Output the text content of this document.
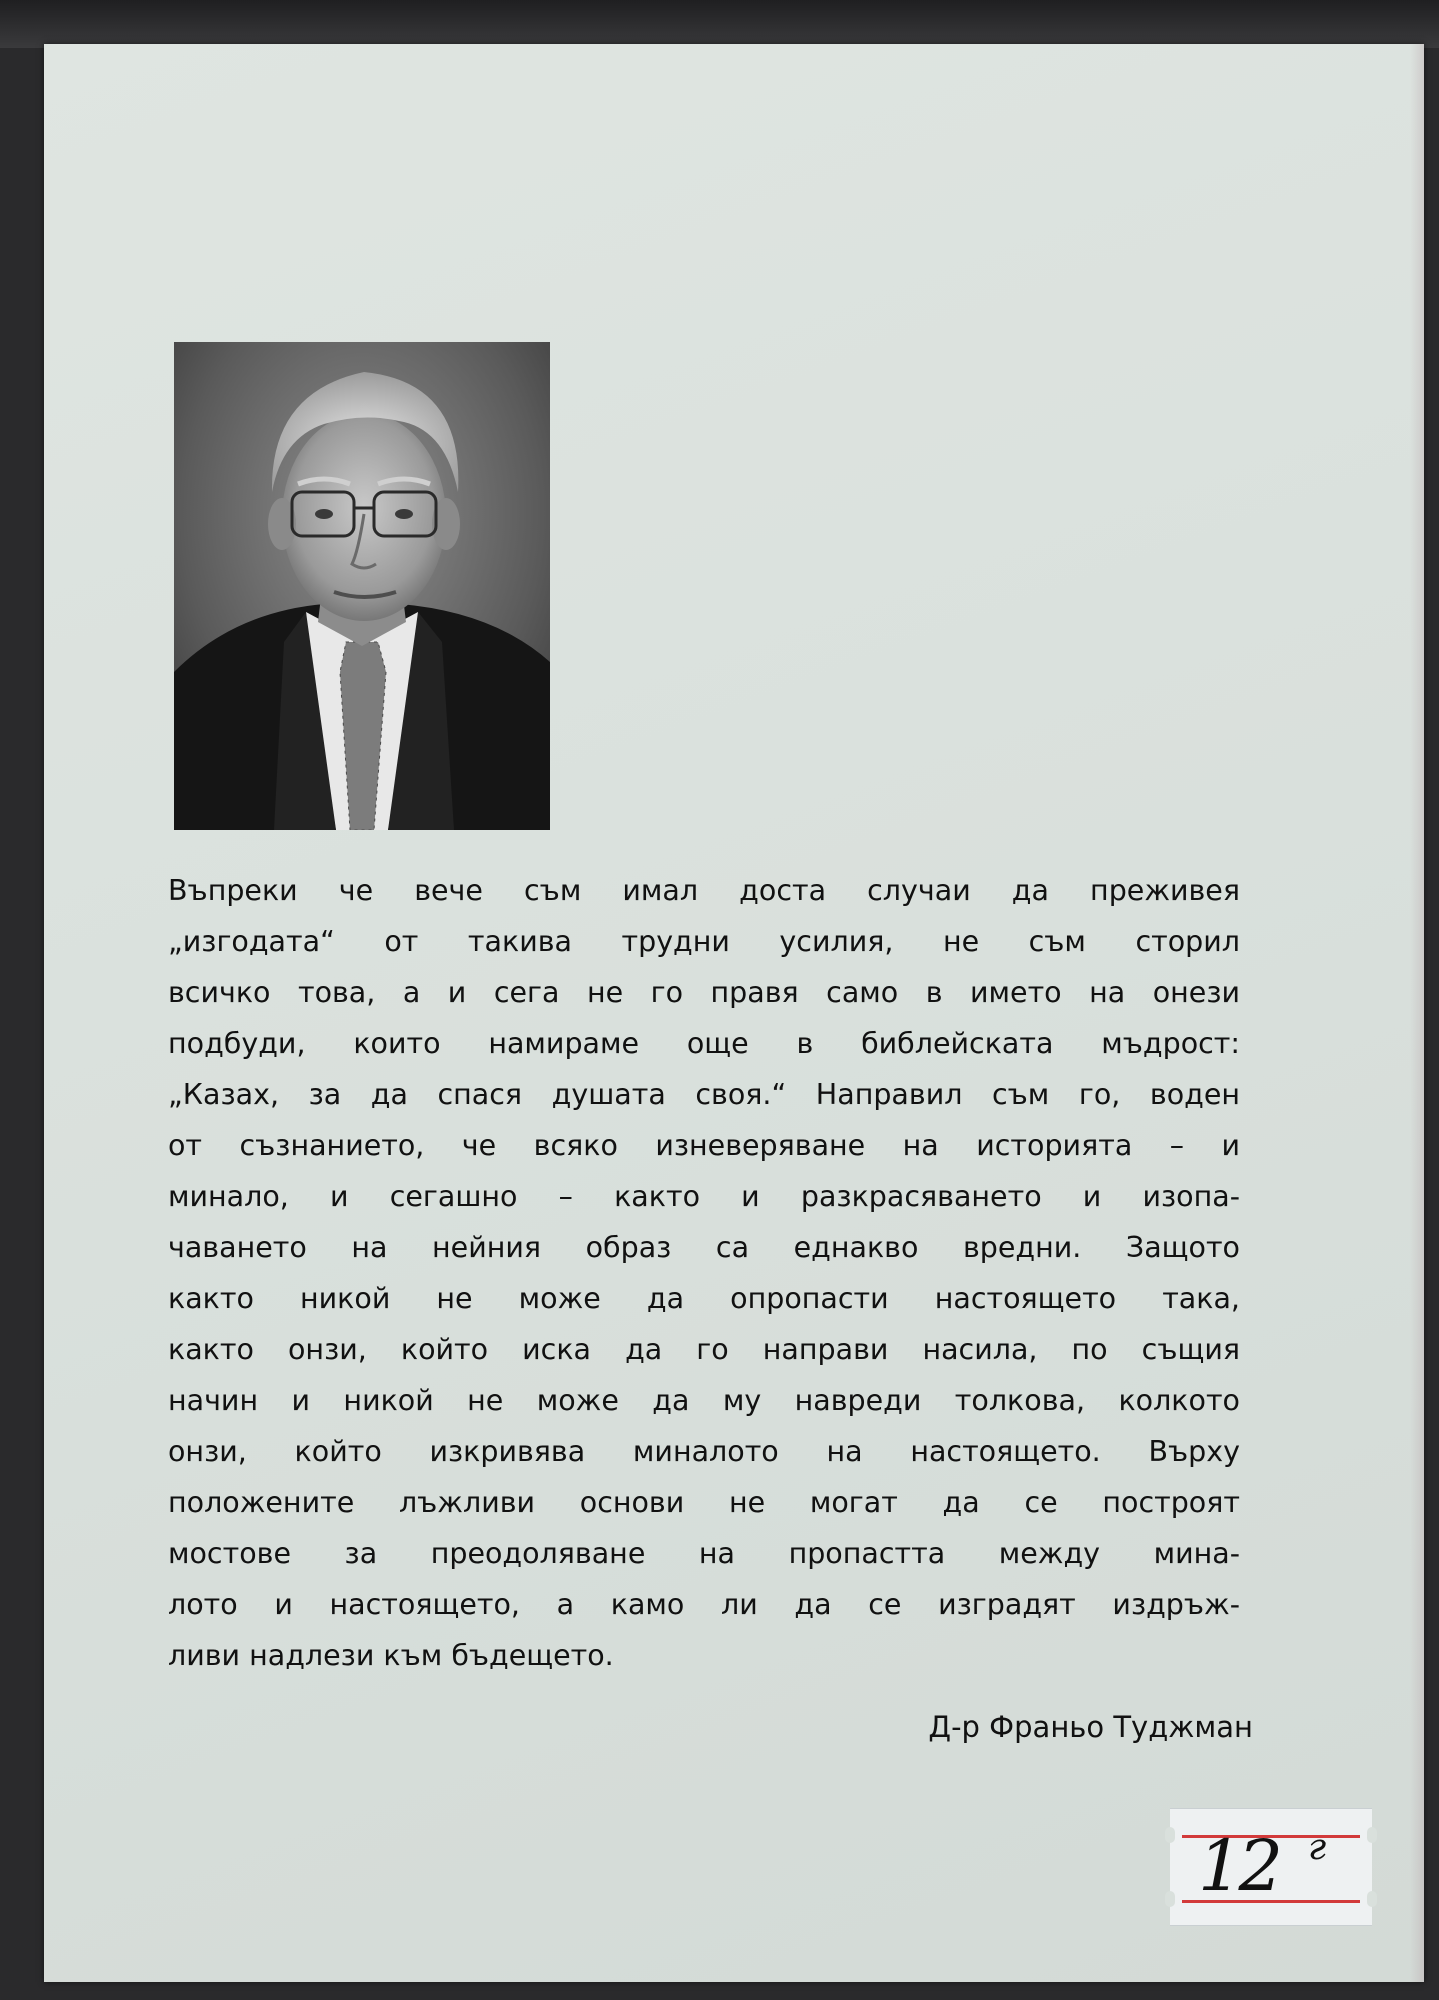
Въпреки че вече съм имал доста случаи да преживея
„изгодата“ от такива трудни усилия, не съм сторил
всичко това, а и сега не го правя само в името на онези
подбуди, които намираме още в библейската мъдрост:
„Казах, за да спася душата своя.“ Направил съм го, воден
от съзнанието, че всяко изневеряване на историята – и
минало, и сегашно – както и разкрасяването и изопа-
чаването на нейния образ са еднакво вредни. Защото
както никой не може да опропасти настоящето така,
както онзи, който иска да го направи насила, по същия
начин и никой не може да му навреди толкова, колкото
онзи, който изкривява миналото на настоящето. Върху
положените лъжливи основи не могат да се построят
мостове за преодоляване на пропастта между мина-
лото и настоящето, а камо ли да се изградят издръж-
ливи надлези към бъдещето.
Д-р Франьо Туджман
12 г
